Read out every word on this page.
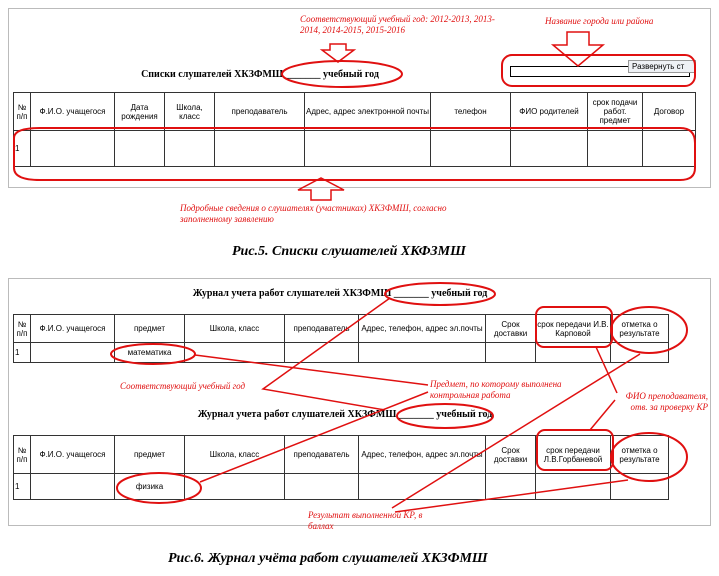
Соответствующий учебный год: 2012-2013, 2013-2014, 2014-2015, 2015-2016
Название города или района
Списки слушателей ХКЗФМШ _______ учебный год
Развернуть ст
№ п/п	Ф.И.О. учащегося	Дата рождения	Школа, класс	преподаватель	Адрес, адрес электронной почты	телефон	ФИО родителей	срок подачи работ. предмет	Договор
1									
Подробные сведения о слушателях (участниках) ХКЗФМШ, согласно заполненному заявлению
Рис.5. Списки слушателей ХКФЗМШ
Журнал учета работ слушателей ХКЗФМШ _______ учебный год
№ п/п	Ф.И.О. учащегося	предмет	Школа, класс	преподаватель	Адрес, телефон, адрес эл.почты	Срок доставки	срок передачи И.В. Карповой	отметка о результате	
1		математика							
Соответствующий учебный год	Предмет, по которому выполнена контрольная работа	ФИО преподавателя, отв. за проверку КР
Журнал учета работ слушателей ХКЗФМШ _______ учебный год
№ п/п	Ф.И.О. учащегося	предмет	Школа, класс	преподаватель	Адрес, телефон, адрес эл.почты	Срок доставки	срок передачи Л.В.Горбаневой	отметка о результате	
1		физика							
Результат выполненной КР, в баллах
Рис.6. Журнал учёта работ слушателей ХКЗФМШ
